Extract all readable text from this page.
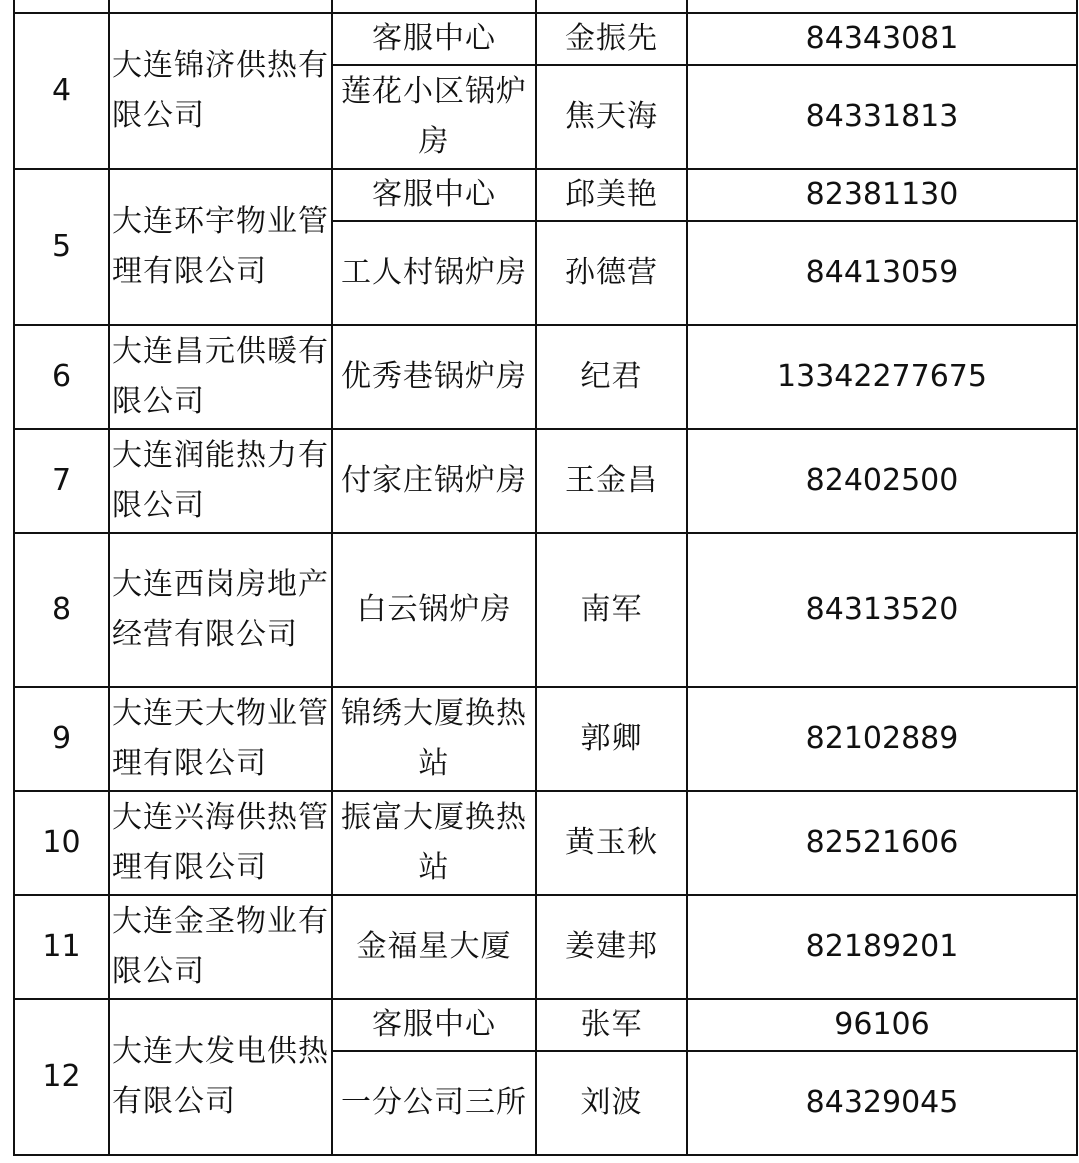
4	大连锦济供热有限公司	客服中心	金振先	84343081
		莲花小区锅炉房	焦天海	84331813
5	大连环宇物业管理有限公司	客服中心	邱美艳	82381130
		工人村锅炉房	孙德营	84413059
6	大连昌元供暖有限公司	优秀巷锅炉房	纪君	13342277675
7	大连润能热力有限公司	付家庄锅炉房	王金昌	82402500
8	大连西岗房地产经营有限公司	白云锅炉房	南军	84313520
9	大连天大物业管理有限公司	锦绣大厦换热站	郭卿	82102889
10	大连兴海供热管理有限公司	振富大厦换热站	黄玉秋	82521606
11	大连金圣物业有限公司	金福星大厦	姜建邦	82189201
12	大连大发电供热有限公司	客服中心	张军	96106
		一分公司三所	刘波	84329045
